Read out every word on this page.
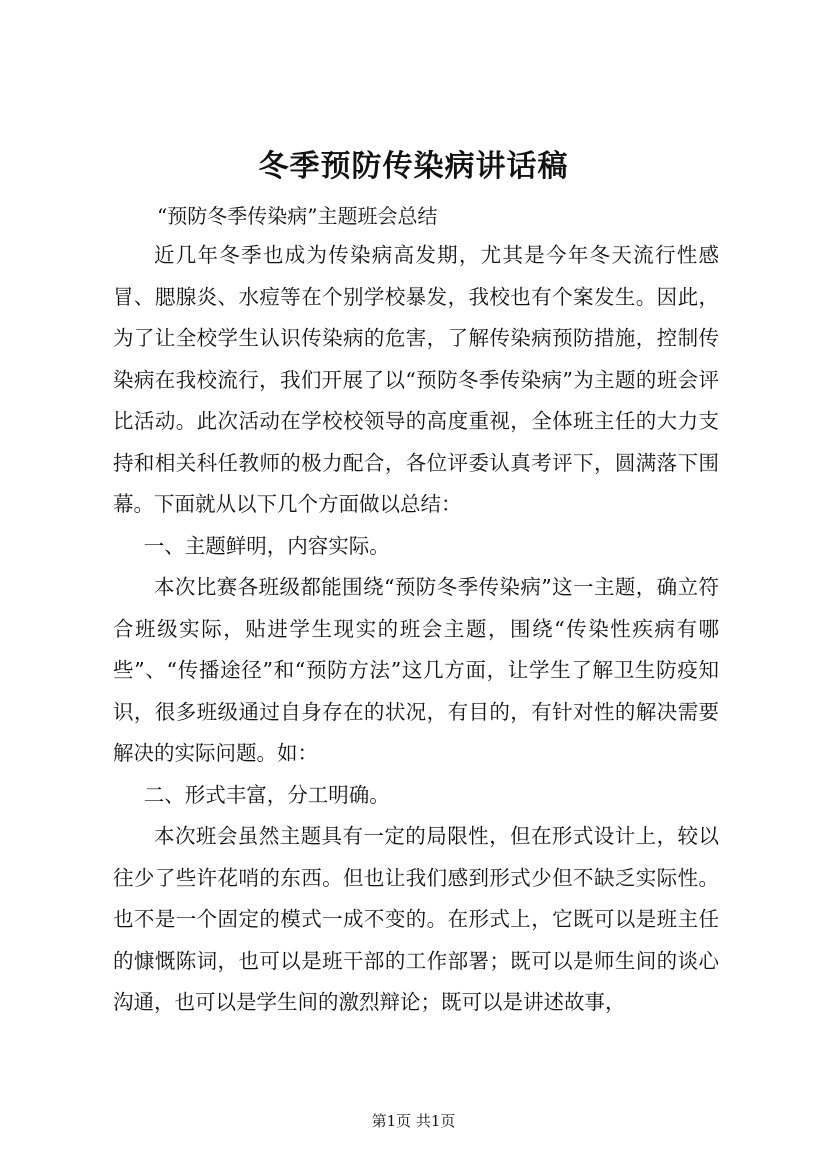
冬季预防传染病讲话稿

“预防冬季传染病”主题班会总结

近几年冬季也成为传染病高发期，尤其是今年冬天流行性感冒、腮腺炎、水痘等在个别学校暴发，我校也有个案发生。因此，为了让全校学生认识传染病的危害，了解传染病预防措施，控制传染病在我校流行，我们开展了以“预防冬季传染病”为主题的班会评比活动。此次活动在学校校领导的高度重视，全体班主任的大力支持和相关科任教师的极力配合，各位评委认真考评下，圆满落下围幕。下面就从以下几个方面做以总结：

一、主题鲜明，内容实际。

本次比赛各班级都能围绕“预防冬季传染病”这一主题，确立符合班级实际，贴进学生现实的班会主题，围绕“传染性疾病有哪些”、“传播途径”和“预防方法”这几方面，让学生了解卫生防疫知识，很多班级通过自身存在的状况，有目的，有针对性的解决需要解决的实际问题。如：

二、形式丰富，分工明确。

本次班会虽然主题具有一定的局限性，但在形式设计上，较以往少了些许花哨的东西。但也让我们感到形式少但不缺乏实际性。也不是一个固定的模式一成不变的。在形式上，它既可以是班主任的慷慨陈词，也可以是班干部的工作部署；既可以是师生间的谈心沟通，也可以是学生间的激烈辩论；既可以是讲述故事，

第1页 共1页
